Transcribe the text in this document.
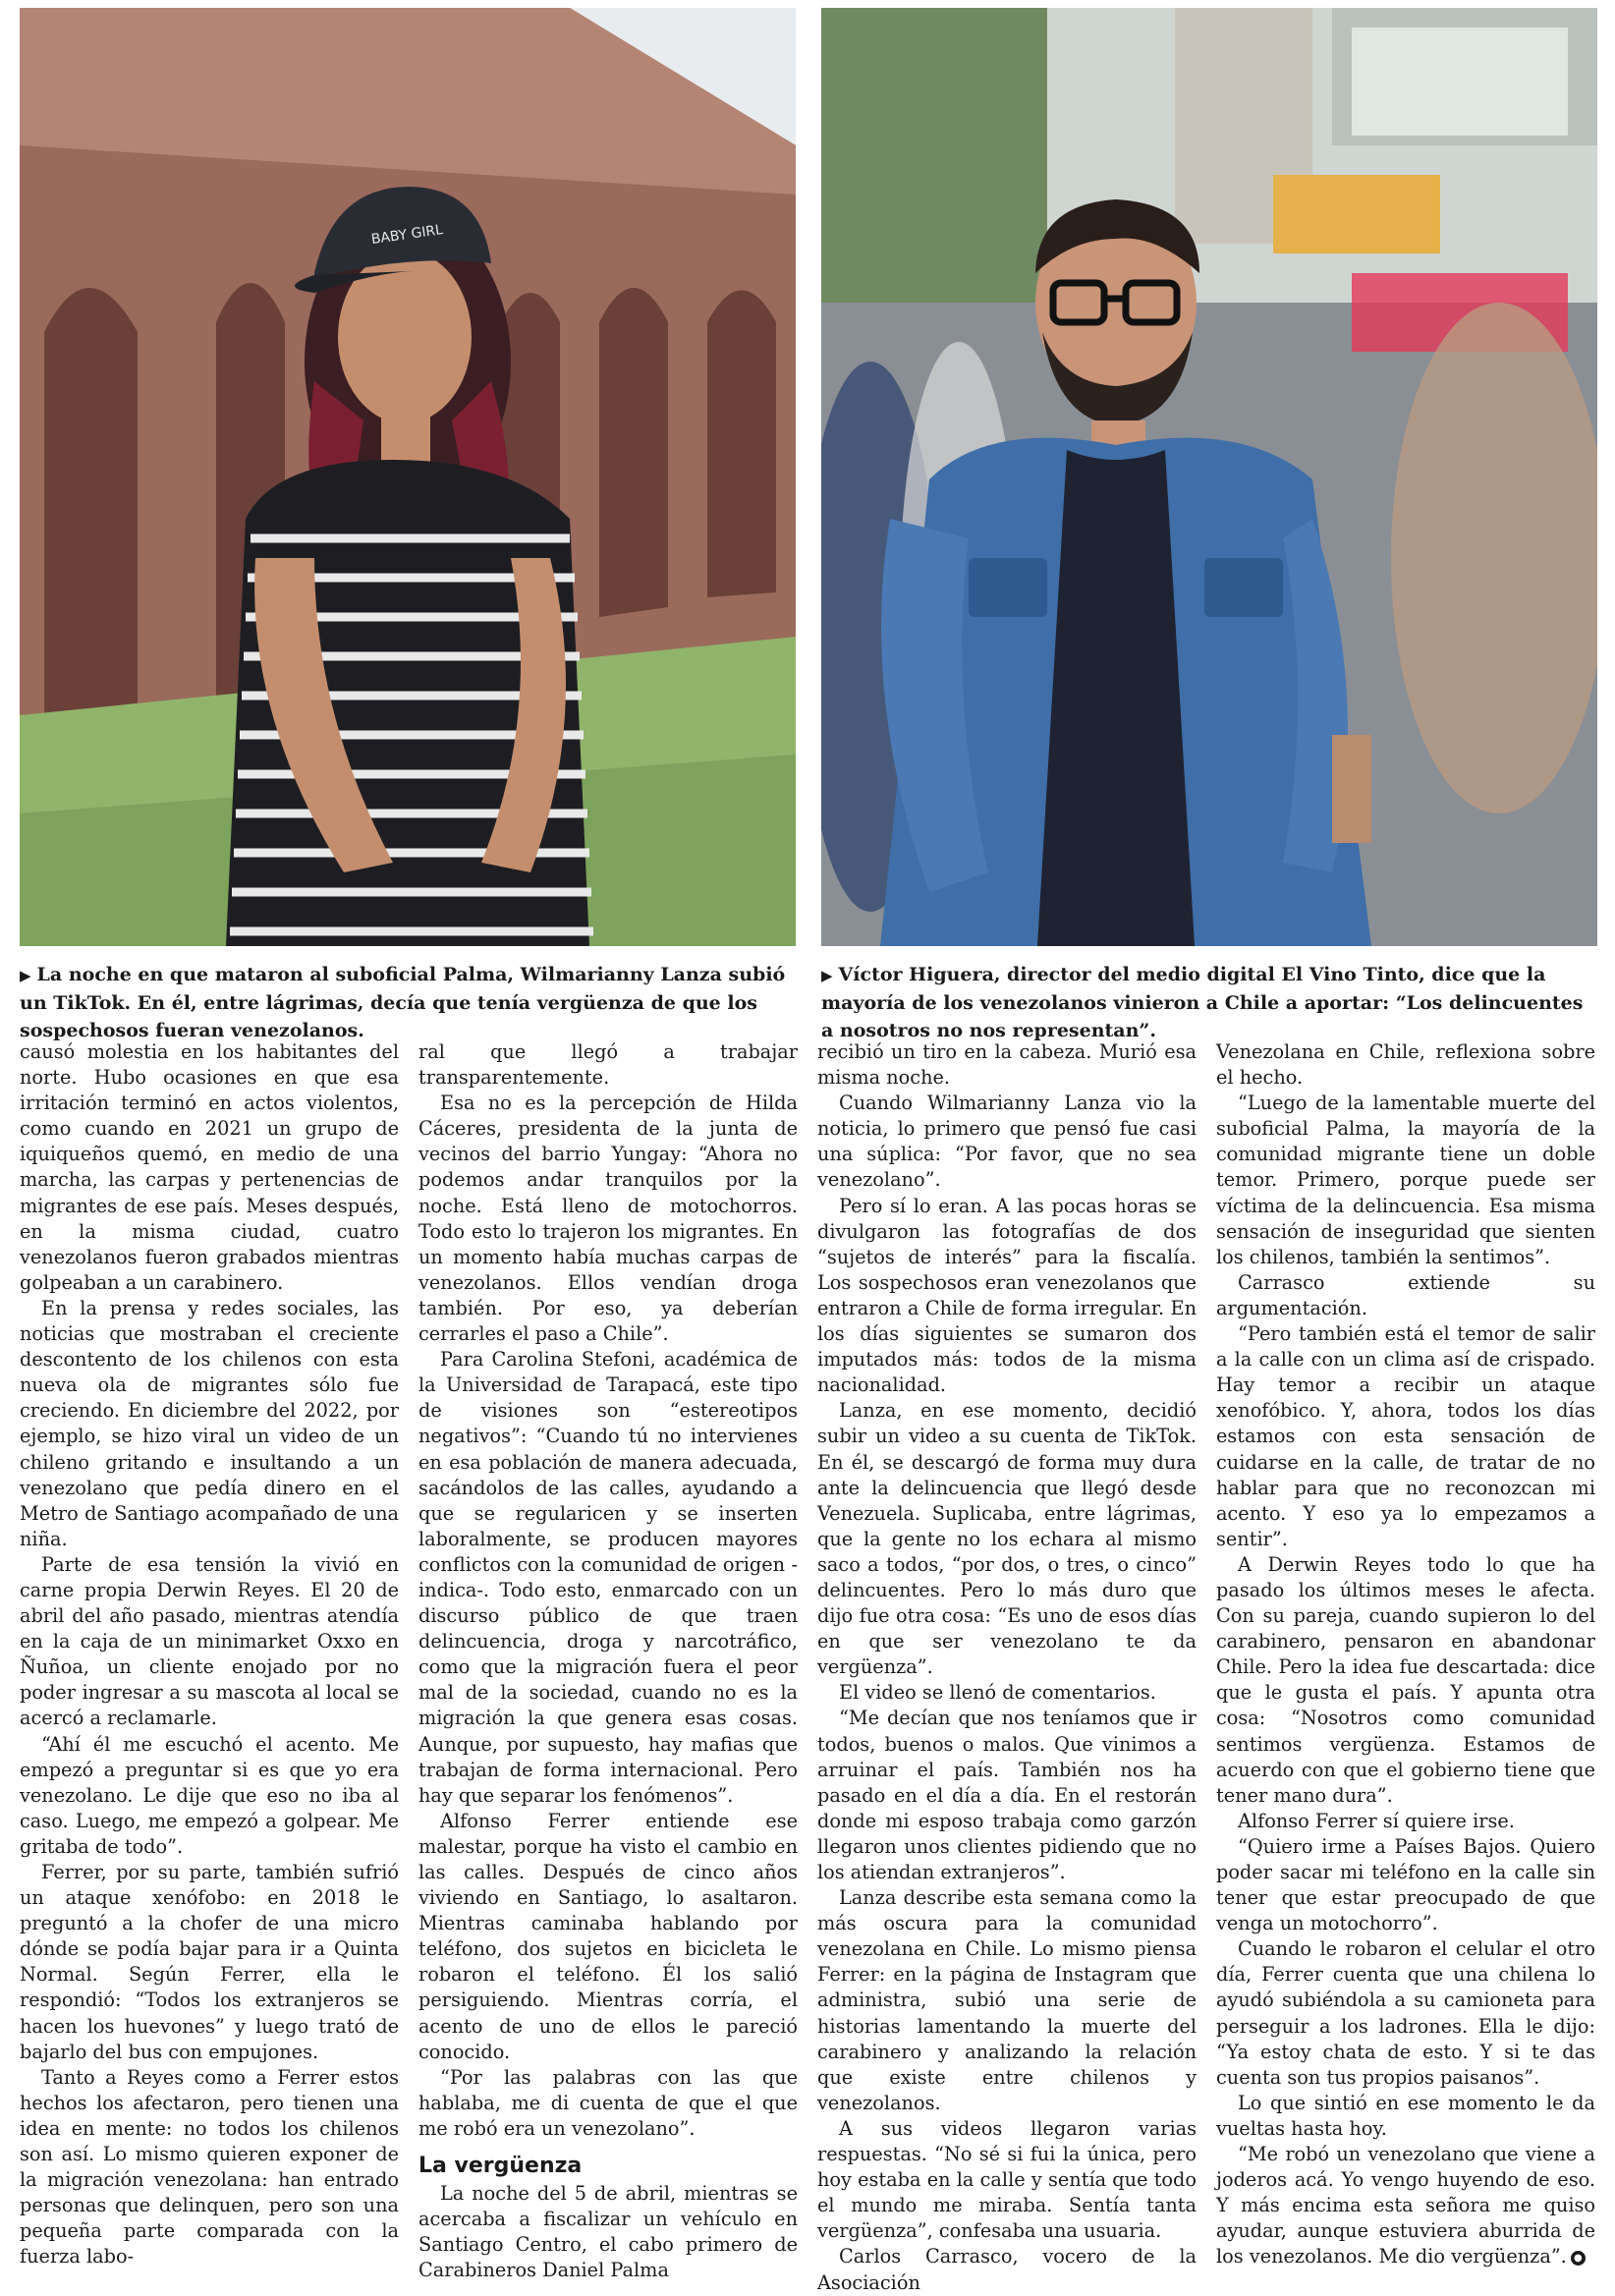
BABY GIRL
▶ La noche en que mataron al suboficial Palma, Wilmarianny Lanza subió un TikTok. En él, entre lágrimas, decía que tenía vergüenza de que los sospechosos fueran venezolanos.
▶ Víctor Higuera, director del medio digital El Vino Tinto, dice que la mayoría de los venezolanos vinieron a Chile a aportar: “Los delincuentes a nosotros no nos representan”.

causó molestia en los habitantes del norte. Hubo ocasiones en que esa irritación terminó en actos violentos, como cuando en 2021 un grupo de iquiqueños quemó, en medio de una marcha, las carpas y pertenencias de migrantes de ese país. Meses después, en la misma ciudad, cuatro venezolanos fueron grabados mientras golpeaban a un carabinero.

En la prensa y redes sociales, las noticias que mostraban el creciente descontento de los chilenos con esta nueva ola de migrantes sólo fue creciendo. En diciembre del 2022, por ejemplo, se hizo viral un video de un chileno gritando e insultando a un venezolano que pedía dinero en el Metro de Santiago acompañado de una niña.

Parte de esa tensión la vivió en carne propia Derwin Reyes. El 20 de abril del año pasado, mientras atendía en la caja de un minimarket Oxxo en Ñuñoa, un cliente enojado por no poder ingresar a su mascota al local se acercó a reclamarle.

“Ahí él me escuchó el acento. Me empezó a preguntar si es que yo era venezolano. Le dije que eso no iba al caso. Luego, me empezó a golpear. Me gritaba de todo”.

Ferrer, por su parte, también sufrió un ataque xenófobo: en 2018 le preguntó a la chofer de una micro dónde se podía bajar para ir a Quinta Normal. Según Ferrer, ella le respondió: “Todos los extranjeros se hacen los huevones” y luego trató de bajarlo del bus con empujones.

Tanto a Reyes como a Ferrer estos hechos los afectaron, pero tienen una idea en mente: no todos los chilenos son así. Lo mismo quieren exponer de la migración venezolana: han entrado personas que delinquen, pero son una pequeña parte comparada con la fuerza labo-

ral que llegó a trabajar transparentemente.

Esa no es la percepción de Hilda Cáceres, presidenta de la junta de vecinos del barrio Yungay: “Ahora no podemos andar tranquilos por la noche. Está lleno de motochorros. Todo esto lo trajeron los migrantes. En un momento había muchas carpas de venezolanos. Ellos vendían droga también. Por eso, ya deberían cerrarles el paso a Chile”.

Para Carolina Stefoni, académica de la Universidad de Tarapacá, este tipo de visiones son “estereotipos negativos”: “Cuando tú no intervienes en esa población de manera adecuada, sacándolos de las calles, ayudando a que se regularicen y se inserten laboralmente, se producen mayores conflictos con la comunidad de origen -indica-. Todo esto, enmarcado con un discurso público de que traen delincuencia, droga y narcotráfico, como que la migración fuera el peor mal de la sociedad, cuando no es la migración la que genera esas cosas. Aunque, por supuesto, hay mafias que trabajan de forma internacional. Pero hay que separar los fenómenos”.

Alfonso Ferrer entiende ese malestar, porque ha visto el cambio en las calles. Después de cinco años viviendo en Santiago, lo asaltaron. Mientras caminaba hablando por teléfono, dos sujetos en bicicleta le robaron el teléfono. Él los salió persiguiendo. Mientras corría, el acento de uno de ellos le pareció conocido.

“Por las palabras con las que hablaba, me di cuenta de que el que me robó era un venezolano”.

La vergüenza

La noche del 5 de abril, mientras se acercaba a fiscalizar un vehículo en Santiago Centro, el cabo primero de Carabineros Daniel Palma

recibió un tiro en la cabeza. Murió esa misma noche.

Cuando Wilmarianny Lanza vio la noticia, lo primero que pensó fue casi una súplica: “Por favor, que no sea venezolano”.

Pero sí lo eran. A las pocas horas se divulgaron las fotografías de dos “sujetos de interés” para la fiscalía. Los sospechosos eran venezolanos que entraron a Chile de forma irregular. En los días siguientes se sumaron dos imputados más: todos de la misma nacionalidad.

Lanza, en ese momento, decidió subir un video a su cuenta de TikTok. En él, se descargó de forma muy dura ante la delincuencia que llegó desde Venezuela. Suplicaba, entre lágrimas, que la gente no los echara al mismo saco a todos, “por dos, o tres, o cinco” delincuentes. Pero lo más duro que dijo fue otra cosa: “Es uno de esos días en que ser venezolano te da vergüenza”.

El video se llenó de comentarios.

“Me decían que nos teníamos que ir todos, buenos o malos. Que vinimos a arruinar el país. También nos ha pasado en el día a día. En el restorán donde mi esposo trabaja como garzón llegaron unos clientes pidiendo que no los atiendan extranjeros”.

Lanza describe esta semana como la más oscura para la comunidad venezolana en Chile. Lo mismo piensa Ferrer: en la página de Instagram que administra, subió una serie de historias lamentando la muerte del carabinero y analizando la relación que existe entre chilenos y venezolanos.

A sus videos llegaron varias respuestas. “No sé si fui la única, pero hoy estaba en la calle y sentía que todo el mundo me miraba. Sentía tanta vergüenza”, confesaba una usuaria.

Carlos Carrasco, vocero de la Asociación

Venezolana en Chile, reflexiona sobre el hecho.

“Luego de la lamentable muerte del suboficial Palma, la mayoría de la comunidad migrante tiene un doble temor. Primero, porque puede ser víctima de la delincuencia. Esa misma sensación de inseguridad que sienten los chilenos, también la sentimos”.

Carrasco extiende su argumentación.

“Pero también está el temor de salir a la calle con un clima así de crispado. Hay temor a recibir un ataque xenofóbico. Y, ahora, todos los días estamos con esta sensación de cuidarse en la calle, de tratar de no hablar para que no reconozcan mi acento. Y eso ya lo empezamos a sentir”.

A Derwin Reyes todo lo que ha pasado los últimos meses le afecta. Con su pareja, cuando supieron lo del carabinero, pensaron en abandonar Chile. Pero la idea fue descartada: dice que le gusta el país. Y apunta otra cosa: “Nosotros como comunidad sentimos vergüenza. Estamos de acuerdo con que el gobierno tiene que tener mano dura”.

Alfonso Ferrer sí quiere irse.

“Quiero irme a Países Bajos. Quiero poder sacar mi teléfono en la calle sin tener que estar preocupado de que venga un motochorro”.

Cuando le robaron el celular el otro día, Ferrer cuenta que una chilena lo ayudó subiéndola a su camioneta para perseguir a los ladrones. Ella le dijo: “Ya estoy chata de esto. Y si te das cuenta son tus propios paisanos”.

Lo que sintió en ese momento le da vueltas hasta hoy.

“Me robó un venezolano que viene a joderos acá. Yo vengo huyendo de eso. Y más encima esta señora me quiso ayudar, aunque estuviera aburrida de los venezolanos. Me dio vergüenza”. ●
